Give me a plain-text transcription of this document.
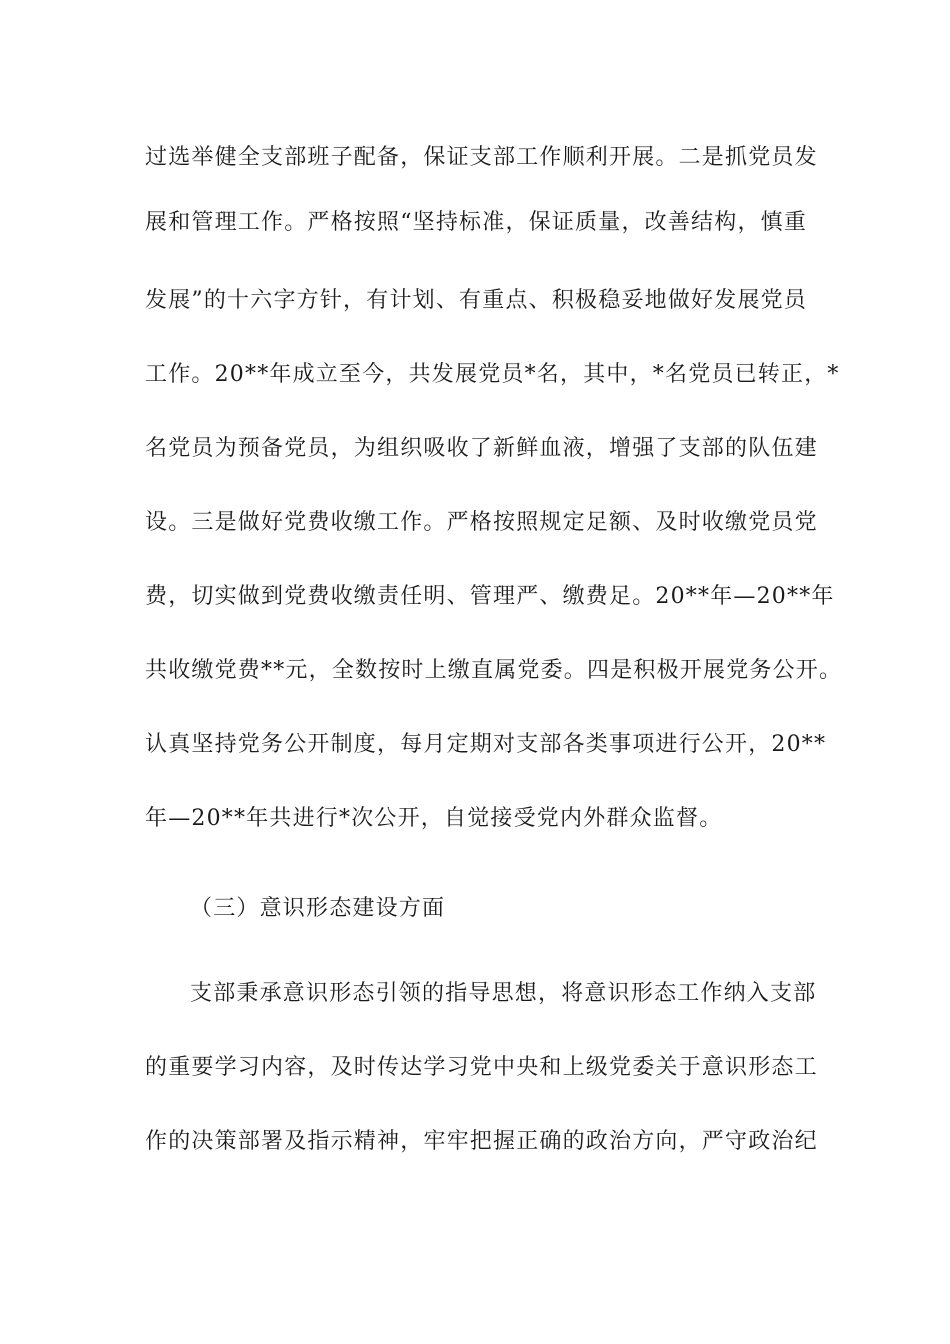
过选举健全支部班子配备，保证支部工作顺利开展。二是抓党员发
展和管理工作。严格按照“坚持标准，保证质量，改善结构，慎重
发展”的十六字方针，有计划、有重点、积极稳妥地做好发展党员
工作。20**年成立至今，共发展党员*名，其中，*名党员已转正，*
名党员为预备党员，为组织吸收了新鲜血液，增强了支部的队伍建
设。三是做好党费收缴工作。严格按照规定足额、及时收缴党员党
费，切实做到党费收缴责任明、管理严、缴费足。20**年—20**年
共收缴党费**元，全数按时上缴直属党委。四是积极开展党务公开。
认真坚持党务公开制度，每月定期对支部各类事项进行公开，20**
年—20**年共进行*次公开，自觉接受党内外群众监督。
（三）意识形态建设方面
支部秉承意识形态引领的指导思想，将意识形态工作纳入支部
的重要学习内容，及时传达学习党中央和上级党委关于意识形态工
作的决策部署及指示精神，牢牢把握正确的政治方向，严守政治纪
